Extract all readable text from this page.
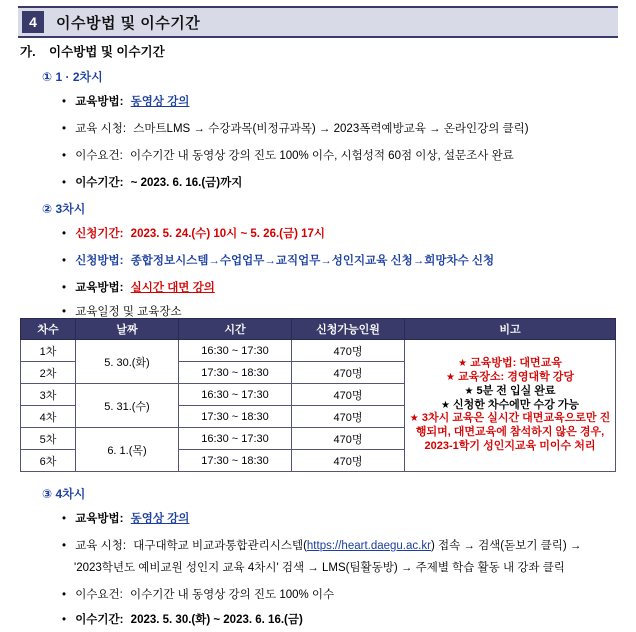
4	이수방법 및 이수기간
가. 이수방법 및 이수기간
① 1 · 2차시
• 교육방법: 동영상 강의
• 교육 시청: 스마트LMS → 수강과목(비정규과목) → 2023폭력예방교육 → 온라인강의 클릭)
• 이수요건: 이수기간 내 동영상 강의 진도 100% 이수, 시험성적 60점 이상, 설문조사 완료
• 이수기간: ~ 2023. 6. 16.(금)까지
② 3차시
• 신청기간: 2023. 5. 24.(수) 10시 ~ 5. 26.(금) 17시
• 신청방법: 종합정보시스템→수업업무→교직업무→성인지교육 신청→희망차수 신청
• 교육방법: 실시간 대면 강의
• 교육일정 및 교육장소
차수	날짜	시간	신청가능인원	비고
1차	5. 30.(화)	16:30 ~ 17:30	470명	★ 교육방법: 대면교육
★ 교육장소: 경영대학 강당
★ 5분 전 입실 완료
★ 신청한 차수에만 수강 가능
★ 3차시 교육은 실시간 대면교육으로만 진행되며, 대면교육에 참석하지 않은 경우, 2023-1학기 성인지교육 미이수 처리

2차		17:30 ~ 18:30	470명	
3차	5. 31.(수)	16:30 ~ 17:30	470명	
4차		17:30 ~ 18:30	470명	
5차	6. 1.(목)	16:30 ~ 17:30	470명	
6차		17:30 ~ 18:30	470명	
③ 4차시
• 교육방법: 동영상 강의
• 교육 시청: 대구대학교 비교과통합관리시스템(https://heart.daegu.ac.kr) 접속 → 검색(돋보기 클릭) →
'2023학년도 예비교원 성인지 교육 4차시' 검색 → LMS(팀활동방) → 주제별 학습 활동 내 강좌 클릭
• 이수요건: 이수기간 내 동영상 강의 진도 100% 이수
• 이수기간: 2023. 5. 30.(화) ~ 2023. 6. 16.(금)
